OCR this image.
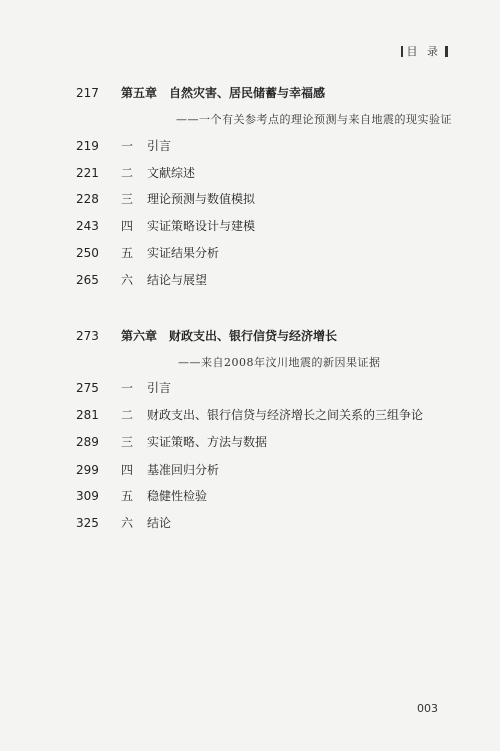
目 录
217 第五章　自然灾害、居民储蓄与幸福感
——一个有关参考点的理论预测与来自地震的现实验证
219 一 引言
221 二 文献综述
228 三 理论预测与数值模拟
243 四 实证策略设计与建模
250 五 实证结果分析
265 六 结论与展望
273 第六章　财政支出、银行信贷与经济增长
——来自2008年汶川地震的新因果证据
275 一 引言
281 二 财政支出、银行信贷与经济增长之间关系的三组争论
289 三 实证策略、方法与数据
299 四 基准回归分析
309 五 稳健性检验
325 六 结论
003
